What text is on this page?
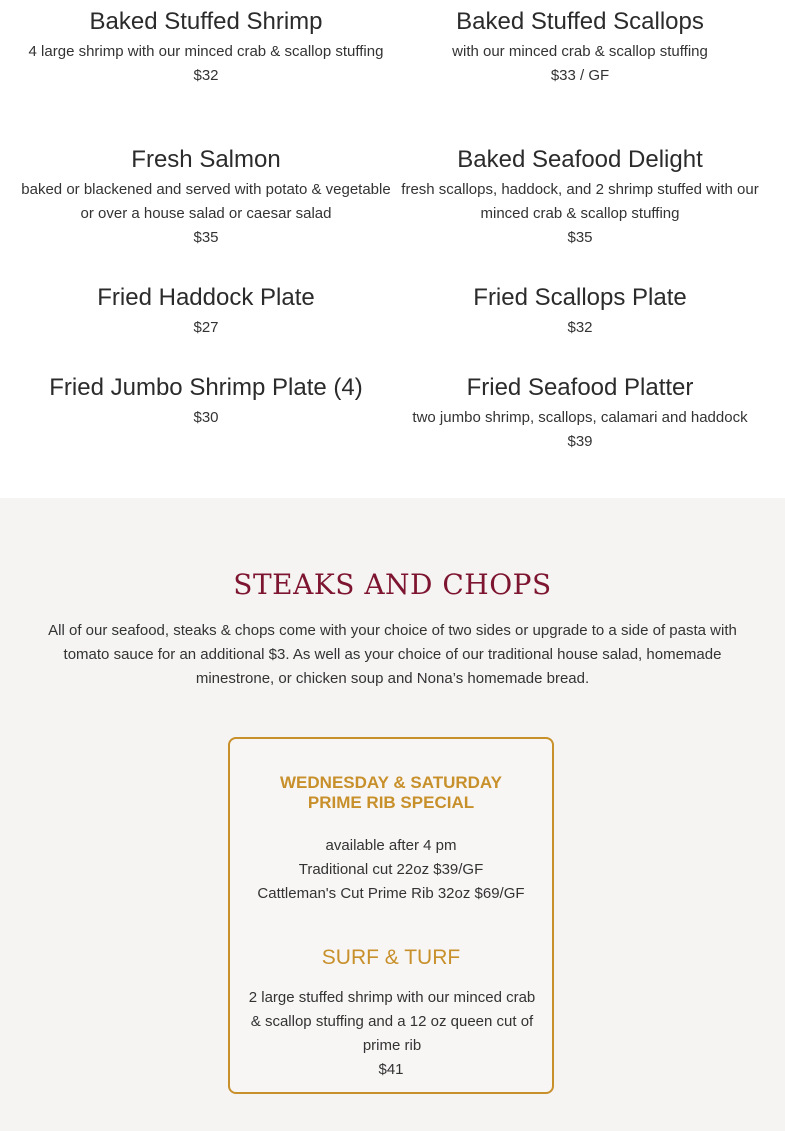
Baked Stuffed Shrimp

4 large shrimp with our minced crab & scallop stuffing

$32

Baked Stuffed Scallops

with our minced crab & scallop stuffing

$33 / GF

Fresh Salmon

baked or blackened and served with potato & vegetable or over a house salad or caesar salad

$35

Baked Seafood Delight

fresh scallops, haddock, and 2 shrimp stuffed with our minced crab & scallop stuffing

$35

Fried Haddock Plate

$27

Fried Scallops Plate

$32

Fried Jumbo Shrimp Plate (4)

$30

Fried Seafood Platter

two jumbo shrimp, scallops, calamari and haddock

$39

STEAKS AND CHOPS

All of our seafood, steaks & chops come with your choice of two sides or upgrade to a side of pasta with tomato sauce for an additional $3. As well as your choice of our traditional house salad, homemade minestrone, or chicken soup and Nona’s homemade bread.

WEDNESDAY & SATURDAY
PRIME RIB SPECIAL
available after 4 pm
Traditional cut 22oz $39/GF
Cattleman's Cut Prime Rib 32oz $69/GF
SURF & TURF

2 large stuffed shrimp with our minced crab & scallop stuffing and a 12 oz queen cut of prime rib

$41
